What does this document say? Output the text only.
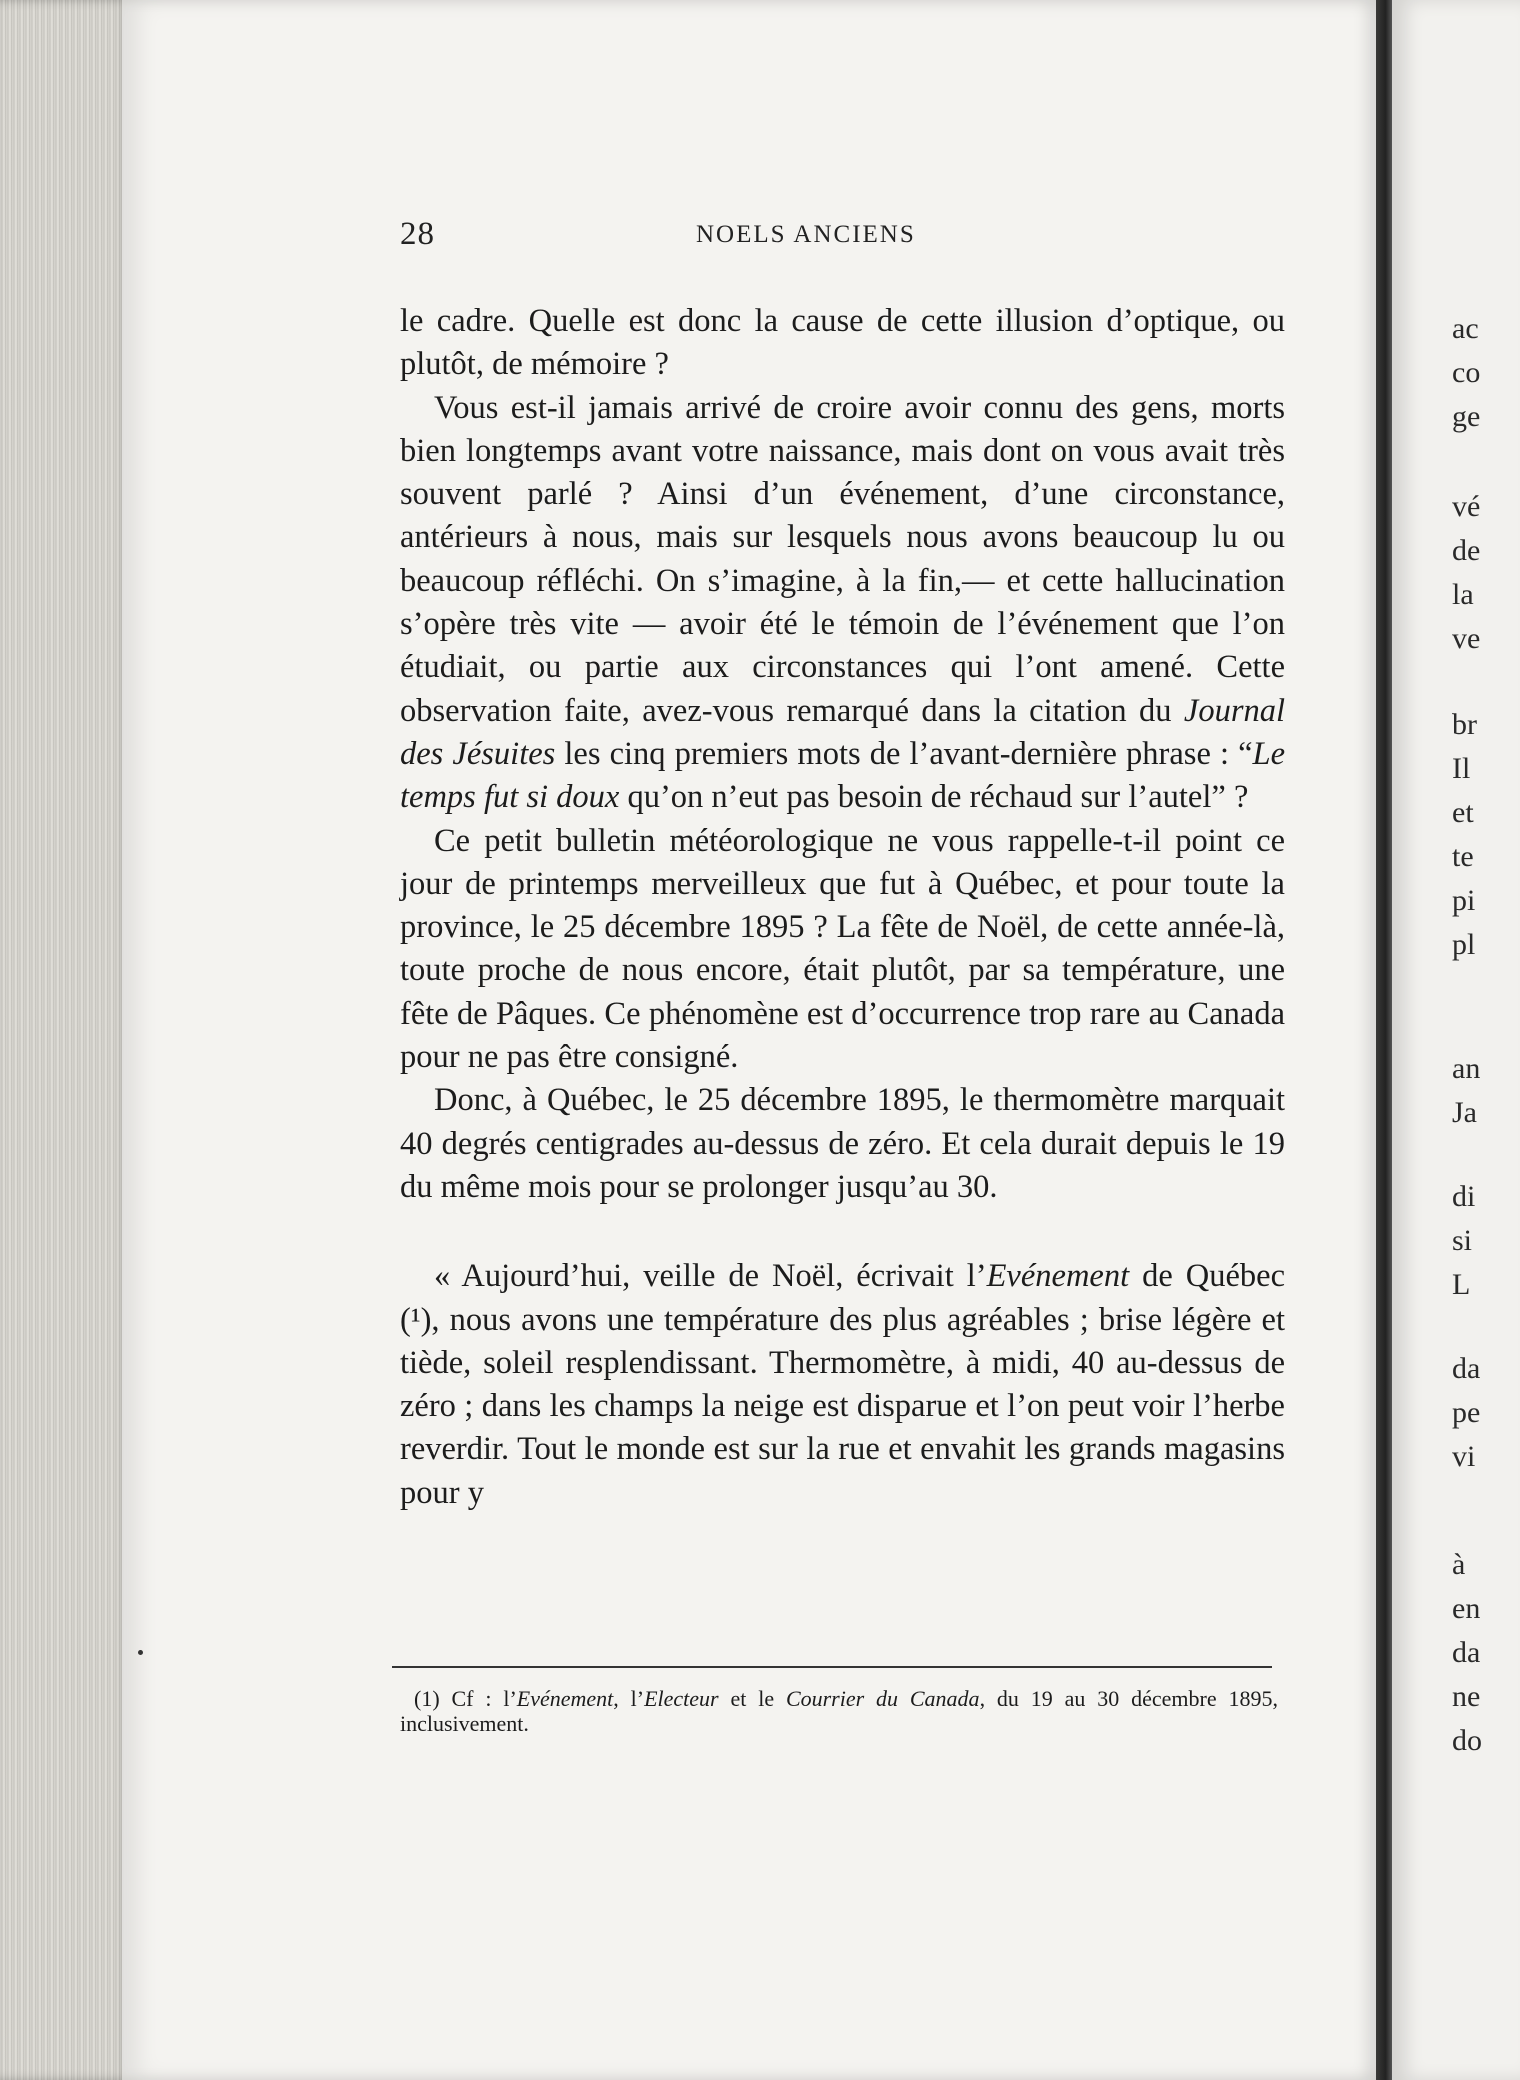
28	NOELS ANCIENS

le cadre. Quelle est donc la cause de cette illusion d’optique, ou plutôt, de mémoire ?

Vous est-il jamais arrivé de croire avoir connu des gens, morts bien longtemps avant votre naissance, mais dont on vous avait très souvent parlé ? Ainsi d’un événement, d’une circonstance, antérieurs à nous, mais sur lesquels nous avons beaucoup lu ou beaucoup réfléchi. On s’imagine, à la fin,— et cette hallucination s’opère très vite — avoir été le témoin de l’événement que l’on étudiait, ou partie aux circonstances qui l’ont amené. Cette observation faite, avez-vous remarqué dans la citation du Journal des Jésuites les cinq premiers mots de l’avant-dernière phrase : “Le temps fut si doux qu’on n’eut pas besoin de réchaud sur l’autel” ?

Ce petit bulletin météorologique ne vous rappelle-t-il point ce jour de printemps merveilleux que fut à Québec, et pour toute la province, le 25 décembre 1895 ? La fête de Noël, de cette année-là, toute proche de nous encore, était plutôt, par sa température, une fête de Pâques. Ce phénomène est d’occurrence trop rare au Canada pour ne pas être consigné.

Donc, à Québec, le 25 décembre 1895, le thermomètre marquait 40 degrés centigrades au-dessus de zéro. Et cela durait depuis le 19 du même mois pour se prolonger jusqu’au 30.

« Aujourd’hui, veille de Noël, écrivait l’Evénement de Québec (¹), nous avons une température des plus agréables ; brise légère et tiède, soleil resplendissant. Thermomètre, à midi, 40 au-dessus de zéro ; dans les champs la neige est disparue et l’on peut voir l’herbe reverdir. Tout le monde est sur la rue et envahit les grands magasins pour y

(1) Cf : l’Evénement, l’Electeur et le Courrier du Canada, du 19 au 30 décembre 1895, inclusivement.

ac
co
ge
vé
de
la
ve
br
Il
et
te
pi
pl
an
Ja
di
si
L
da
pe
vi
à
en
da
ne
do
